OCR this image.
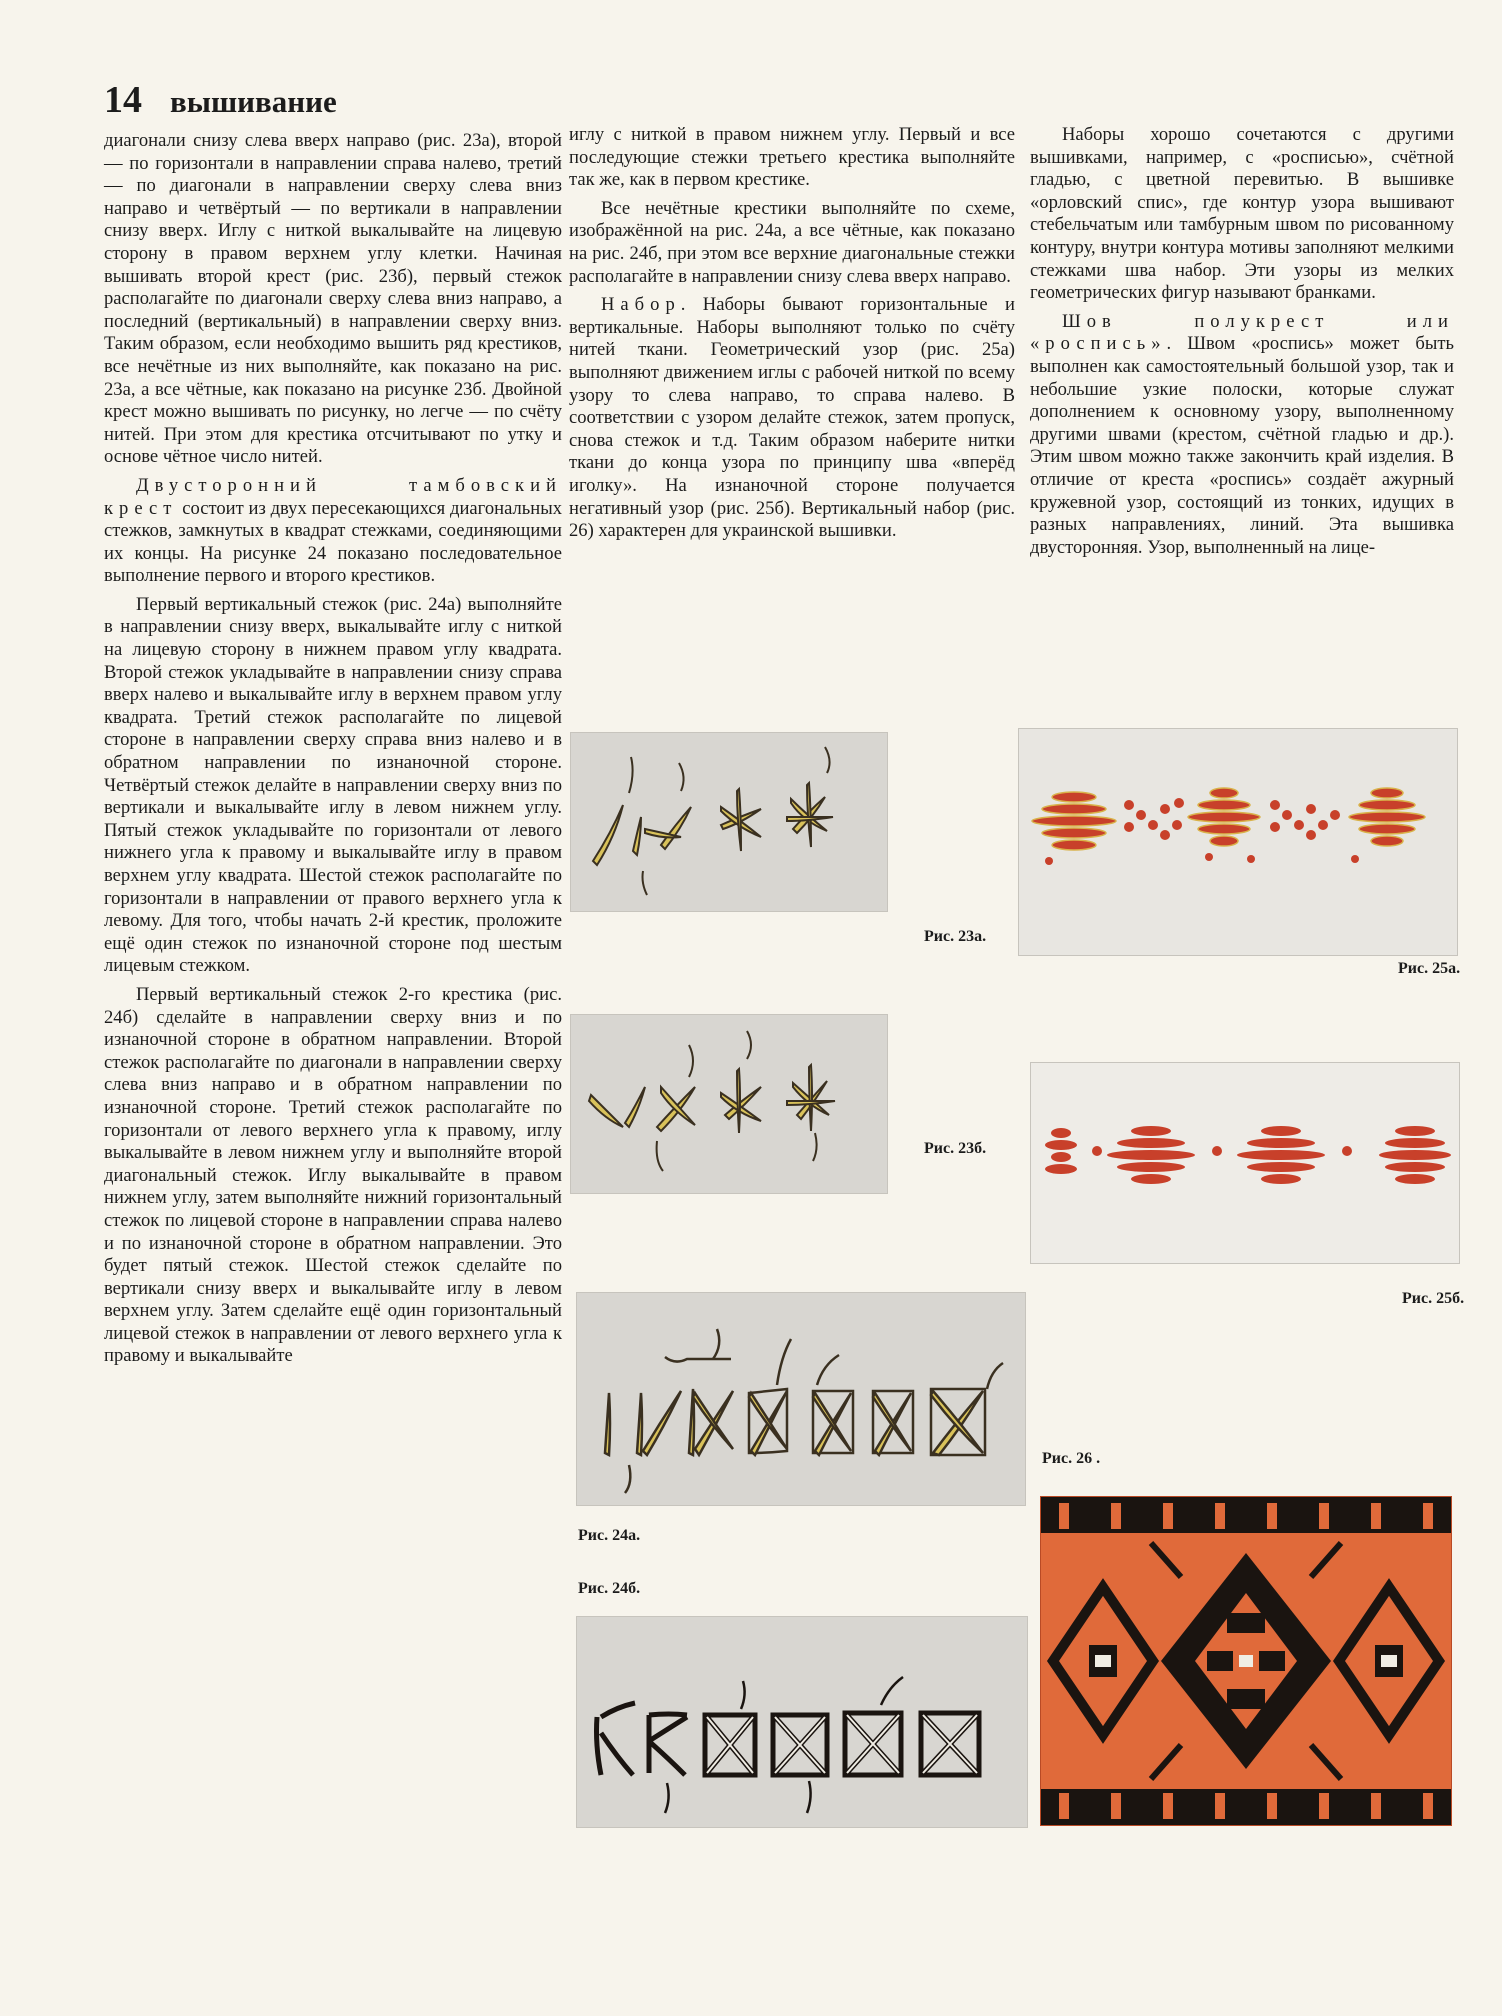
14 вышивание

диагонали снизу слева вверх направо (рис. 23а), второй — по горизонтали в направлении справа налево, третий — по диагонали в направлении сверху слева вниз направо и четвёртый — по вертикали в направлении снизу вверх. Иглу с ниткой выкалывайте на лицевую сторону в правом верхнем углу клетки. Начиная вышивать второй крест (рис. 23б), первый стежок располагайте по диагонали сверху слева вниз направо, а последний (вертикальный) в направлении сверху вниз. Таким образом, если необходимо вышить ряд крестиков, все нечётные из них выполняйте, как показано на рис. 23а, а все чётные, как показано на рисунке 23б. Двойной крест можно вышивать по рисунку, но легче — по счёту нитей. При этом для крестика отсчитывают по утку и основе чётное число нитей.

Двусторонний тамбовский крест состоит из двух пересекающихся диагональных стежков, замкнутых в квадрат стежками, соединяющими их концы. На рисунке 24 показано последовательное выполнение первого и второго крестиков.

Первый вертикальный стежок (рис. 24а) выполняйте в направлении снизу вверх, выкалывайте иглу с ниткой на лицевую сторону в нижнем правом углу квадрата. Второй стежок укладывайте в направлении снизу справа вверх налево и выкалывайте иглу в верхнем правом углу квадрата. Третий стежок располагайте по лицевой стороне в направлении сверху справа вниз налево и в обратном направлении по изнаночной стороне. Четвёртый стежок делайте в направлении сверху вниз по вертикали и выкалывайте иглу в левом нижнем углу. Пятый стежок укладывайте по горизонтали от левого нижнего угла к правому и выкалывайте иглу в правом верхнем углу квадрата. Шестой стежок располагайте по горизонтали в направлении от правого верхнего угла к левому. Для того, чтобы начать 2-й крестик, проложите ещё один стежок по изнаночной стороне под шестым лицевым стежком.

Первый вертикальный стежок 2-го крестика (рис. 24б) сделайте в направлении сверху вниз и по изнаночной стороне в обратном направлении. Второй стежок располагайте по диагонали в направлении сверху слева вниз направо и в обратном направлении по изнаночной стороне. Третий стежок располагайте по горизонтали от левого верхнего угла к правому, иглу выкалывайте в левом нижнем углу и выполняйте второй диагональный стежок. Иглу выкалывайте в правом нижнем углу, затем выполняйте нижний горизонтальный стежок по лицевой стороне в направлении справа налево и по изнаночной стороне в обратном направлении. Это будет пятый стежок. Шестой стежок сделайте по вертикали снизу вверх и выкалывайте иглу в левом верхнем углу. Затем сделайте ещё один горизонтальный лицевой стежок в направлении от левого верхнего угла к правому и выкалывайте

иглу с ниткой в правом нижнем углу. Первый и все последующие стежки третьего крестика выполняйте так же, как в первом крестике.

Все нечётные крестики выполняйте по схеме, изображённой на рис. 24а, а все чётные, как показано на рис. 24б, при этом все верхние диагональные стежки располагайте в направлении снизу слева вверх направо.

Набор. Наборы бывают горизонтальные и вертикальные. Наборы выполняют только по счёту нитей ткани. Геометрический узор (рис. 25а) выполняют движением иглы с рабочей ниткой по всему узору то слева направо, то справа налево. В соответствии с узором делайте стежок, затем пропуск, снова стежок и т.д. Таким образом наберите нитки ткани до конца узора по принципу шва «вперёд иголку». На изнаночной стороне получается негативный узор (рис. 25б). Вертикальный набор (рис. 26) характерен для украинской вышивки.

Наборы хорошо сочетаются с другими вышивками, например, с «росписью», счётной гладью, с цветной перевитью. В вышивке «орловский спис», где контур узора вышивают стебельчатым или тамбурным швом по рисованному контуру, внутри контура мотивы заполняют мелкими стежками шва набор. Эти узоры из мелких геометрических фигур называют бранками.

Шов полукрест или «роспись». Швом «роспись» может быть выполнен как самостоятельный большой узор, так и небольшие узкие полоски, которые служат дополнением к основному узору, выполненному другими швами (крестом, счётной гладью и др.). Этим швом можно также закончить край изделия. В отличие от креста «роспись» создаёт ажурный кружевной узор, состоящий из тонких, идущих в разных направлениях, линий. Эта вышивка двусторонняя. Узор, выполненный на лице-

Рис. 23а.
Рис. 23б.
Рис. 24а.
Рис. 24б.
Рис. 25а.
Рис. 25б.
Рис. 26 .
